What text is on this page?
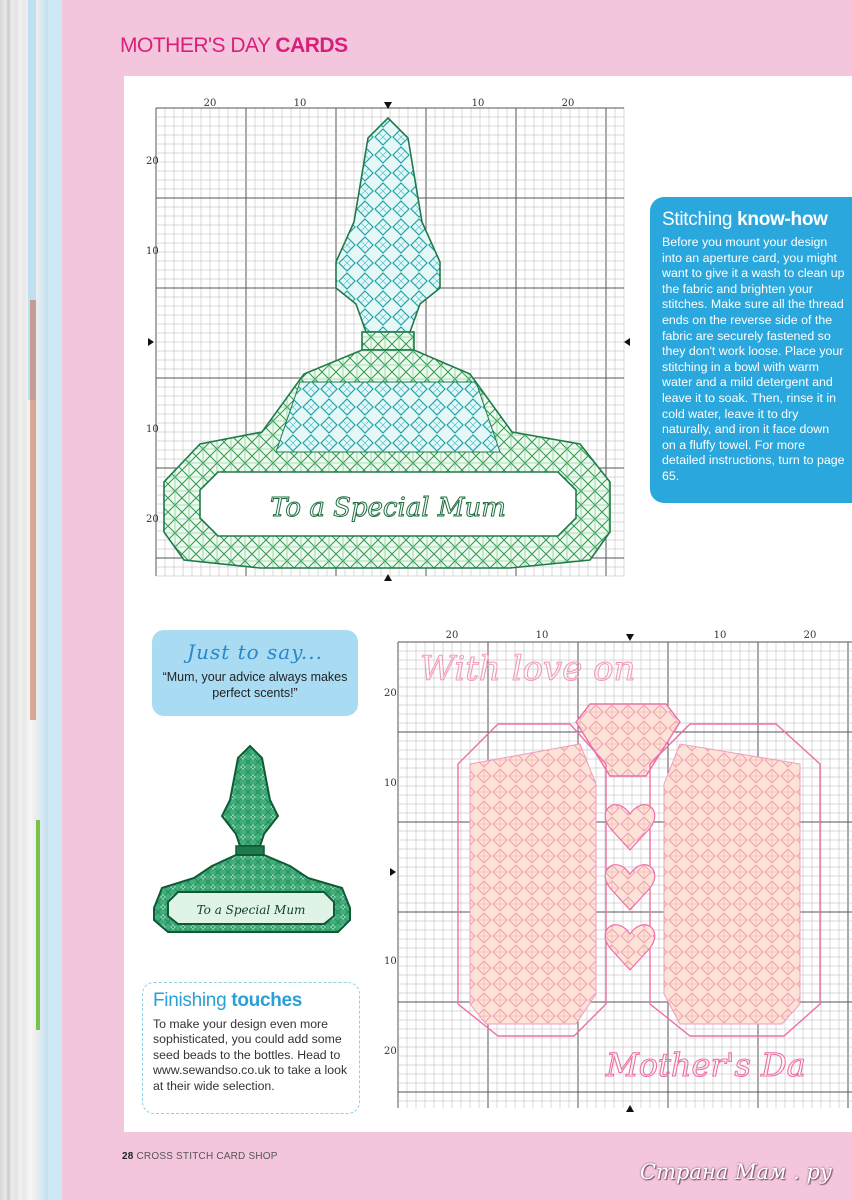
MOTHER'S DAY CARDS
20	10	10	20
20
10
10
20	To a Special Mum
Stitching know-how

Before you mount your design into an aperture card, you might want to give it a wash to clean up the fabric and brighten your stitches. Make sure all the thread ends on the reverse side of the fabric are securely fastened so they don't work loose. Place your stitching in a bowl with warm water and a mild detergent and leave it to soak. Then, rinse it in cold water, leave it to dry naturally, and iron it face down on a fluffy towel. For more detailed instructions, turn to page 65.

Just to say...
“Mum, your advice always makes perfect scents!”
To a Special Mum
Finishing touches

To make your design even more sophisticated, you could add some seed beads to the bottles. Head to www.sewandso.co.uk to take a look at their wide selection.

20	10	10	20
20
10
10
20
With love on
Mother's Da
28 CROSS STITCH CARD SHOP
Страна Мам . ру
